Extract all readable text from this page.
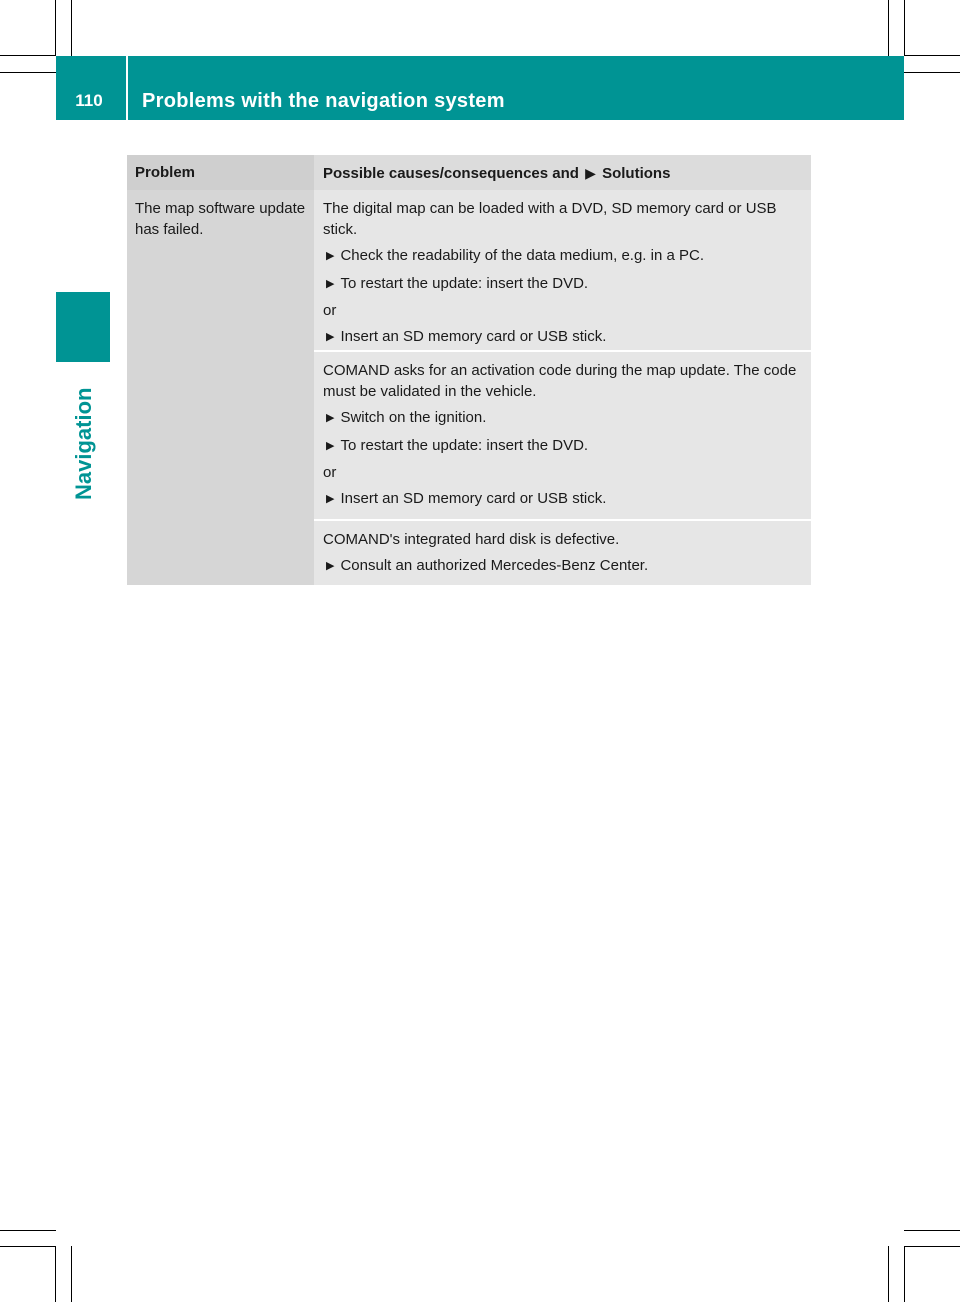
110	Problems with the navigation system
Navigation
Problem	Possible causes/consequences and ▶ Solutions
The map software update has failed.

The digital map can be loaded with a DVD, SD memory card or USB stick.

▶ Check the readability of the data medium, e.g. in a PC.

▶ To restart the update: insert the DVD.

or

▶ Insert an SD memory card or USB stick.

COMAND asks for an activation code during the map update. The code must be validated in the vehicle.

▶ Switch on the ignition.

▶ To restart the update: insert the DVD.

or

▶ Insert an SD memory card or USB stick.

COMAND's integrated hard disk is defective.

▶ Consult an authorized Mercedes-Benz Center.
